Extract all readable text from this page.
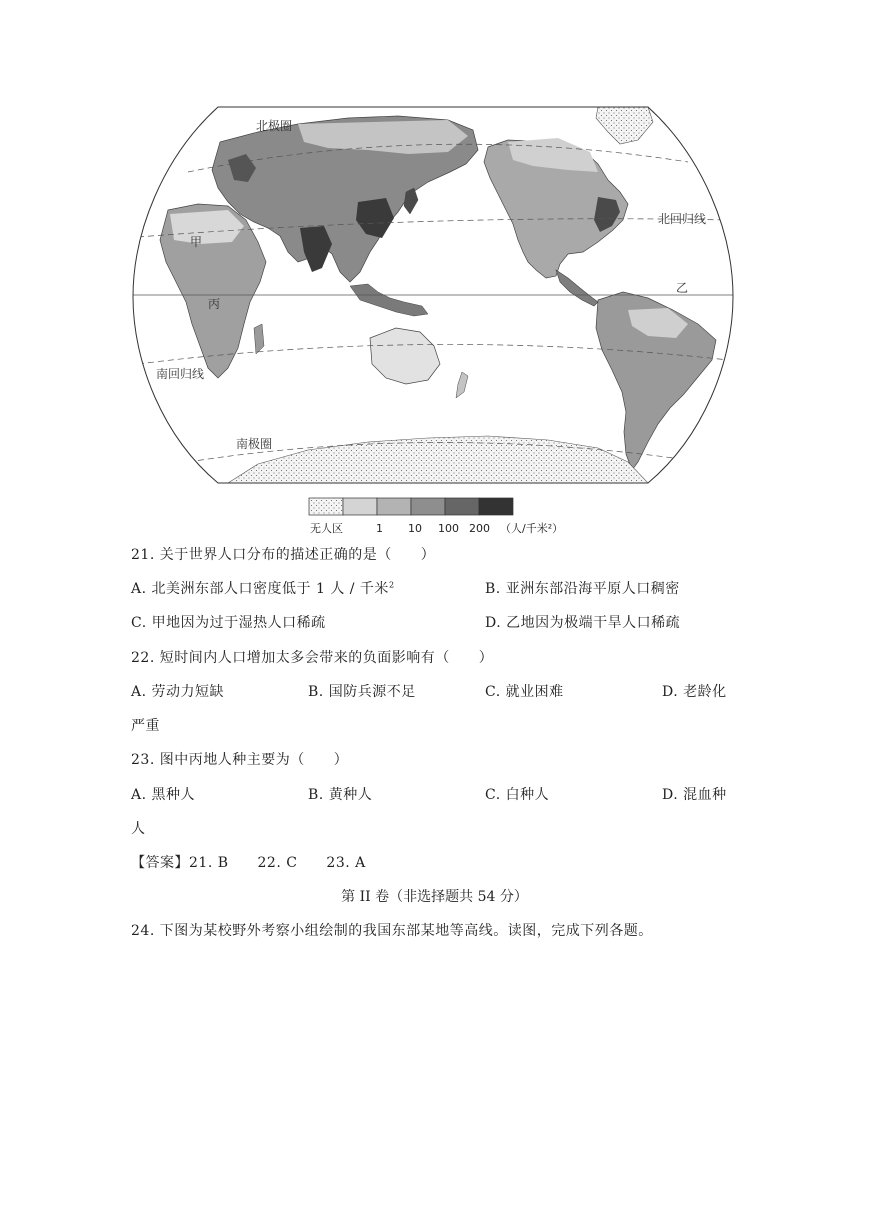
北极圈
北回归线
南回归线
南极圈
甲
丙
乙
无人区	1 10 100 200 （人/千米²）
21. 关于世界人口分布的描述正确的是（　　）
A. 北美洲东部人口密度低于 1 人 / 千米$^2$	B. 亚洲东部沿海平原人口稠密
C. 甲地因为过于湿热人口稀疏	D. 乙地因为极端干旱人口稀疏
22. 短时间内人口增加太多会带来的负面影响有（　　）
A. 劳动力短缺	B. 国防兵源不足	C. 就业困难	D. 老龄化
严重
23. 图中丙地人种主要为（　　）
A. 黑种人	B. 黄种人	C. 白种人	D. 混血种
人
【答案】21. B　　22. C　　23. A
第 II 卷（非选择题共 54 分）
24. 下图为某校野外考察小组绘制的我国东部某地等高线。读图，完成下列各题。
